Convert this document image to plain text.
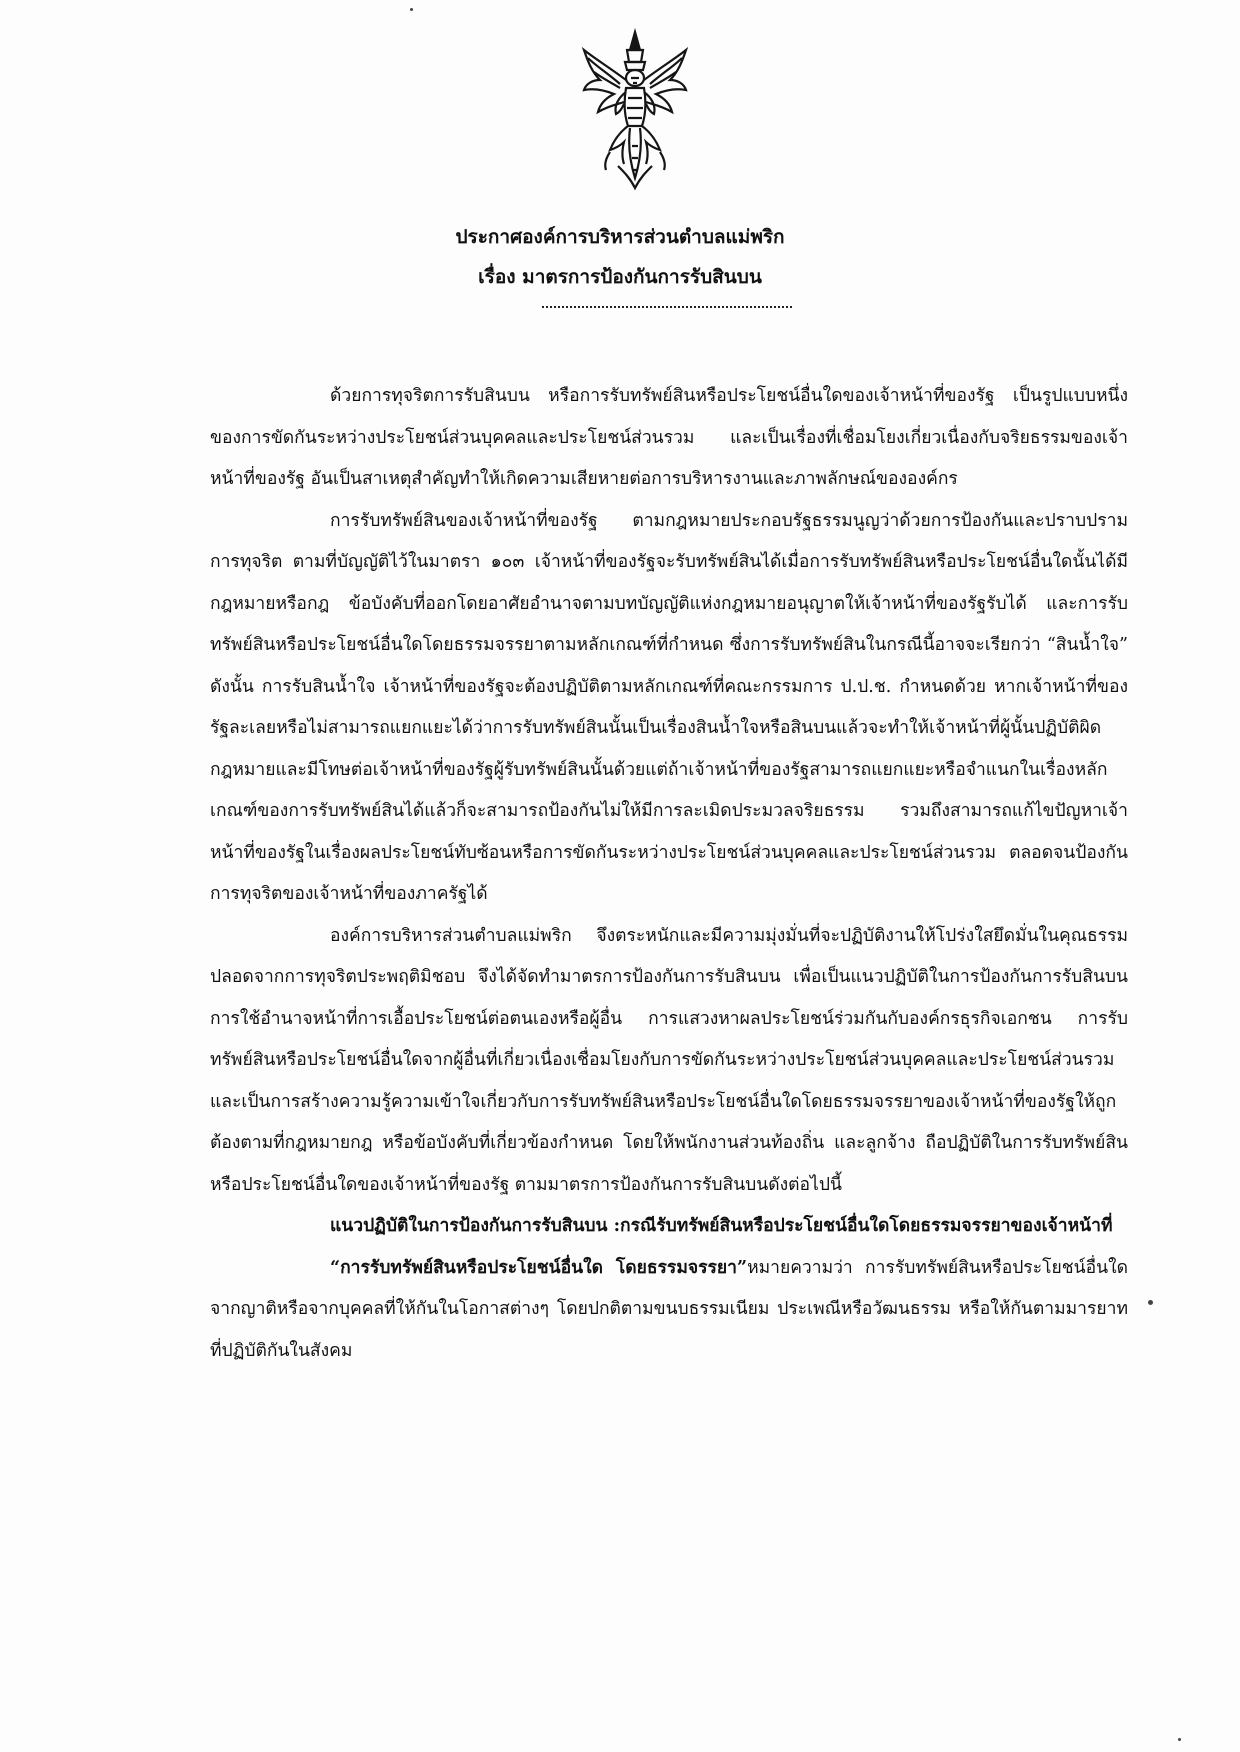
ประกาศองค์การบริหารส่วนตำบลแม่พริก
เรื่อง มาตรการป้องกันการรับสินบน

ด้วยการทุจริตการรับสินบน หรือการรับทรัพย์สินหรือประโยชน์อื่นใดของเจ้าหน้าที่ของรัฐ เป็นรูปแบบหนึ่งของการขัดกันระหว่างประโยชน์ส่วนบุคคลและประโยชน์ส่วนรวม และเป็นเรื่องที่เชื่อมโยงเกี่ยวเนื่องกับจริยธรรมของเจ้าหน้าที่ของรัฐ อันเป็นสาเหตุสำคัญทำให้เกิดความเสียหายต่อการบริหารงานและภาพลักษณ์ขององค์กร

การรับทรัพย์สินของเจ้าหน้าที่ของรัฐ ตามกฎหมายประกอบรัฐธรรมนูญว่าด้วยการป้องกันและปราบปรามการทุจริต ตามที่บัญญัติไว้ในมาตรา ๑๐๓ เจ้าหน้าที่ของรัฐจะรับทรัพย์สินได้เมื่อการรับทรัพย์สินหรือประโยชน์อื่นใดนั้นได้มีกฎหมายหรือกฎ ข้อบังคับที่ออกโดยอาศัยอำนาจตามบทบัญญัติแห่งกฎหมายอนุญาตให้เจ้าหน้าที่ของรัฐรับได้ และการรับทรัพย์สินหรือประโยชน์อื่นใดโดยธรรมจรรยาตามหลักเกณฑ์ที่กำหนด ซึ่งการรับทรัพย์สินในกรณีนี้อาจจะเรียกว่า “สินน้ำใจ” ดังนั้น การรับสินน้ำใจ เจ้าหน้าที่ของรัฐจะต้องปฏิบัติตามหลักเกณฑ์ที่คณะกรรมการ ป.ป.ช. กำหนดด้วย หากเจ้าหน้าที่ของรัฐละเลยหรือไม่สามารถแยกแยะได้ว่าการรับทรัพย์สินนั้นเป็นเรื่องสินน้ำใจหรือสินบนแล้วจะทำให้เจ้าหน้าที่ผู้นั้นปฏิบัติผิดกฎหมายและมีโทษต่อเจ้าหน้าที่ของรัฐผู้รับทรัพย์สินนั้นด้วยแต่ถ้าเจ้าหน้าที่ของรัฐสามารถแยกแยะหรือจำแนกในเรื่องหลักเกณฑ์ของการรับทรัพย์สินได้แล้วก็จะสามารถป้องกันไม่ให้มีการละเมิดประมวลจริยธรรม รวมถึงสามารถแก้ไขปัญหาเจ้าหน้าที่ของรัฐในเรื่องผลประโยชน์ทับซ้อนหรือการขัดกันระหว่างประโยชน์ส่วนบุคคลและประโยชน์ส่วนรวม ตลอดจนป้องกันการทุจริตของเจ้าหน้าที่ของภาครัฐได้

องค์การบริหารส่วนตำบลแม่พริก จึงตระหนักและมีความมุ่งมั่นที่จะปฏิบัติงานให้โปร่งใสยึดมั่นในคุณธรรมปลอดจากการทุจริตประพฤติมิชอบ จึงได้จัดทำมาตรการป้องกันการรับสินบน เพื่อเป็นแนวปฏิบัติในการป้องกันการรับสินบนการใช้อำนาจหน้าที่การเอื้อประโยชน์ต่อตนเองหรือผู้อื่น การแสวงหาผลประโยชน์ร่วมกันกับองค์กรธุรกิจเอกชน การรับทรัพย์สินหรือประโยชน์อื่นใดจากผู้อื่นที่เกี่ยวเนื่องเชื่อมโยงกับการขัดกันระหว่างประโยชน์ส่วนบุคคลและประโยชน์ส่วนรวม และเป็นการสร้างความรู้ความเข้าใจเกี่ยวกับการรับทรัพย์สินหรือประโยชน์อื่นใดโดยธรรมจรรยาของเจ้าหน้าที่ของรัฐให้ถูกต้องตามที่กฎหมายกฎ หรือข้อบังคับที่เกี่ยวข้องกำหนด โดยให้พนักงานส่วนท้องถิ่น และลูกจ้าง ถือปฏิบัติในการรับทรัพย์สินหรือประโยชน์อื่นใดของเจ้าหน้าที่ของรัฐ ตามมาตรการป้องกันการรับสินบนดังต่อไปนี้

แนวปฏิบัติในการป้องกันการรับสินบน :กรณีรับทรัพย์สินหรือประโยชน์อื่นใดโดยธรรมจรรยาของเจ้าหน้าที่

“การรับทรัพย์สินหรือประโยชน์อื่นใด โดยธรรมจรรยา”หมายความว่า การรับทรัพย์สินหรือประโยชน์อื่นใดจากญาติหรือจากบุคคลที่ให้กันในโอกาสต่างๆ โดยปกติตามขนบธรรมเนียม ประเพณีหรือวัฒนธรรม หรือให้กันตามมารยาทที่ปฏิบัติกันในสังคม
